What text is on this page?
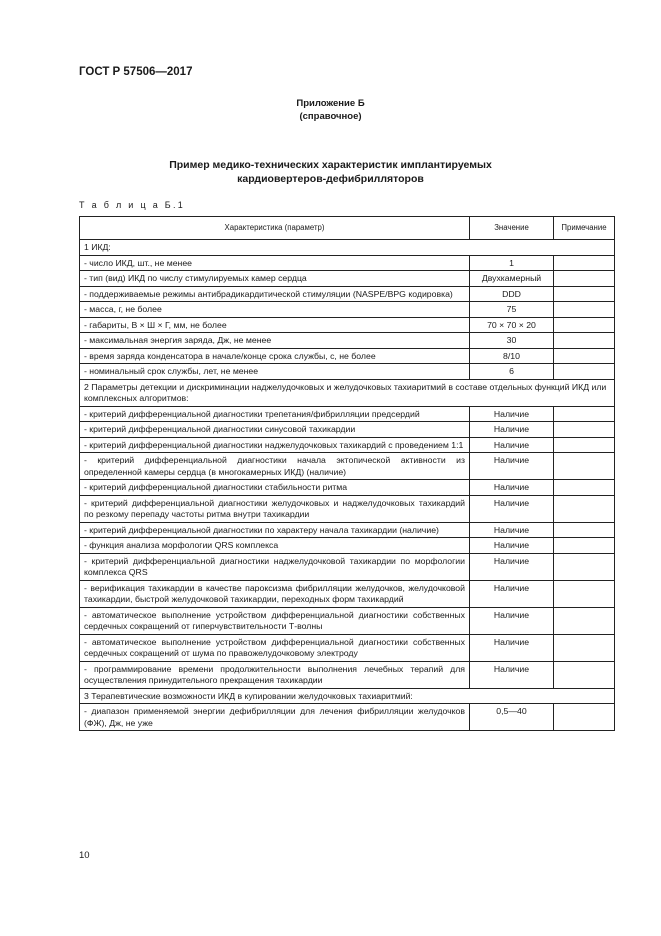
ГОСТ Р 57506—2017
Приложение Б
(справочное)
Пример медико-технических характеристик имплантируемых
кардиовертеров-дефибрилляторов
Т а б л и ц а Б.1
Характеристика (параметр)	Значение	Примечание
1 ИКД:		
- число ИКД, шт., не менее	1	
- тип (вид) ИКД по числу стимулируемых камер сердца	Двухкамерный	
- поддерживаемые режимы антибрадикардитической стимуляции (NASPE/BPG кодировка)	DDD	
- масса, г, не более	75	
- габариты, В × Ш × Г, мм, не более	70 × 70 × 20	
- максимальная энергия заряда, Дж, не менее	30	
- время заряда конденсатора в начале/конце срока службы, с, не более	8/10	
- номинальный срок службы, лет, не менее	6	
2 Параметры детекции и дискриминации наджелудочковых и желудочковых тахиаритмий в составе отдельных функций ИКД или комплексных алгоритмов:		
- критерий дифференциальной диагностики трепетания/фибрилляции предсердий	Наличие	
- критерий дифференциальной диагностики синусовой тахикардии	Наличие	
- критерий дифференциальной диагностики наджелудочковых тахикардий с проведением 1:1	Наличие	
- критерий дифференциальной диагностики начала эктопической активности из определенной камеры сердца (в многокамерных ИКД) (наличие)	Наличие	
- критерий дифференциальной диагностики стабильности ритма	Наличие	
- критерий дифференциальной диагностики желудочковых и наджелудочковых тахикардий по резкому перепаду частоты ритма внутри тахикардии	Наличие	
- критерий дифференциальной диагностики по характеру начала тахикардии (наличие)	Наличие	
- функция анализа морфологии QRS комплекса	Наличие	
- критерий дифференциальной диагностики наджелудочковой тахикардии по морфологии комплекса QRS	Наличие	
- верификация тахикардии в качестве пароксизма фибрилляции желудочков, желудочковой тахикардии, быстрой желудочковой тахикардии, переходных форм тахикардий	Наличие	
- автоматическое выполнение устройством дифференциальной диагностики собственных сердечных сокращений от гиперчувствительности Т-волны	Наличие	
- автоматическое выполнение устройством дифференциальной диагностики собственных сердечных сокращений от шума по правожелудочковому электроду	Наличие	
- программирование времени продолжительности выполнения лечебных терапий для осуществления принудительного прекращения тахикардии	Наличие	
3 Терапевтические возможности ИКД в купировании желудочковых тахиаритмий:		
- диапазон применяемой энергии дефибрилляции для лечения фибрилляции желудочков (ФЖ), Дж, не уже	0,5—40	
10
